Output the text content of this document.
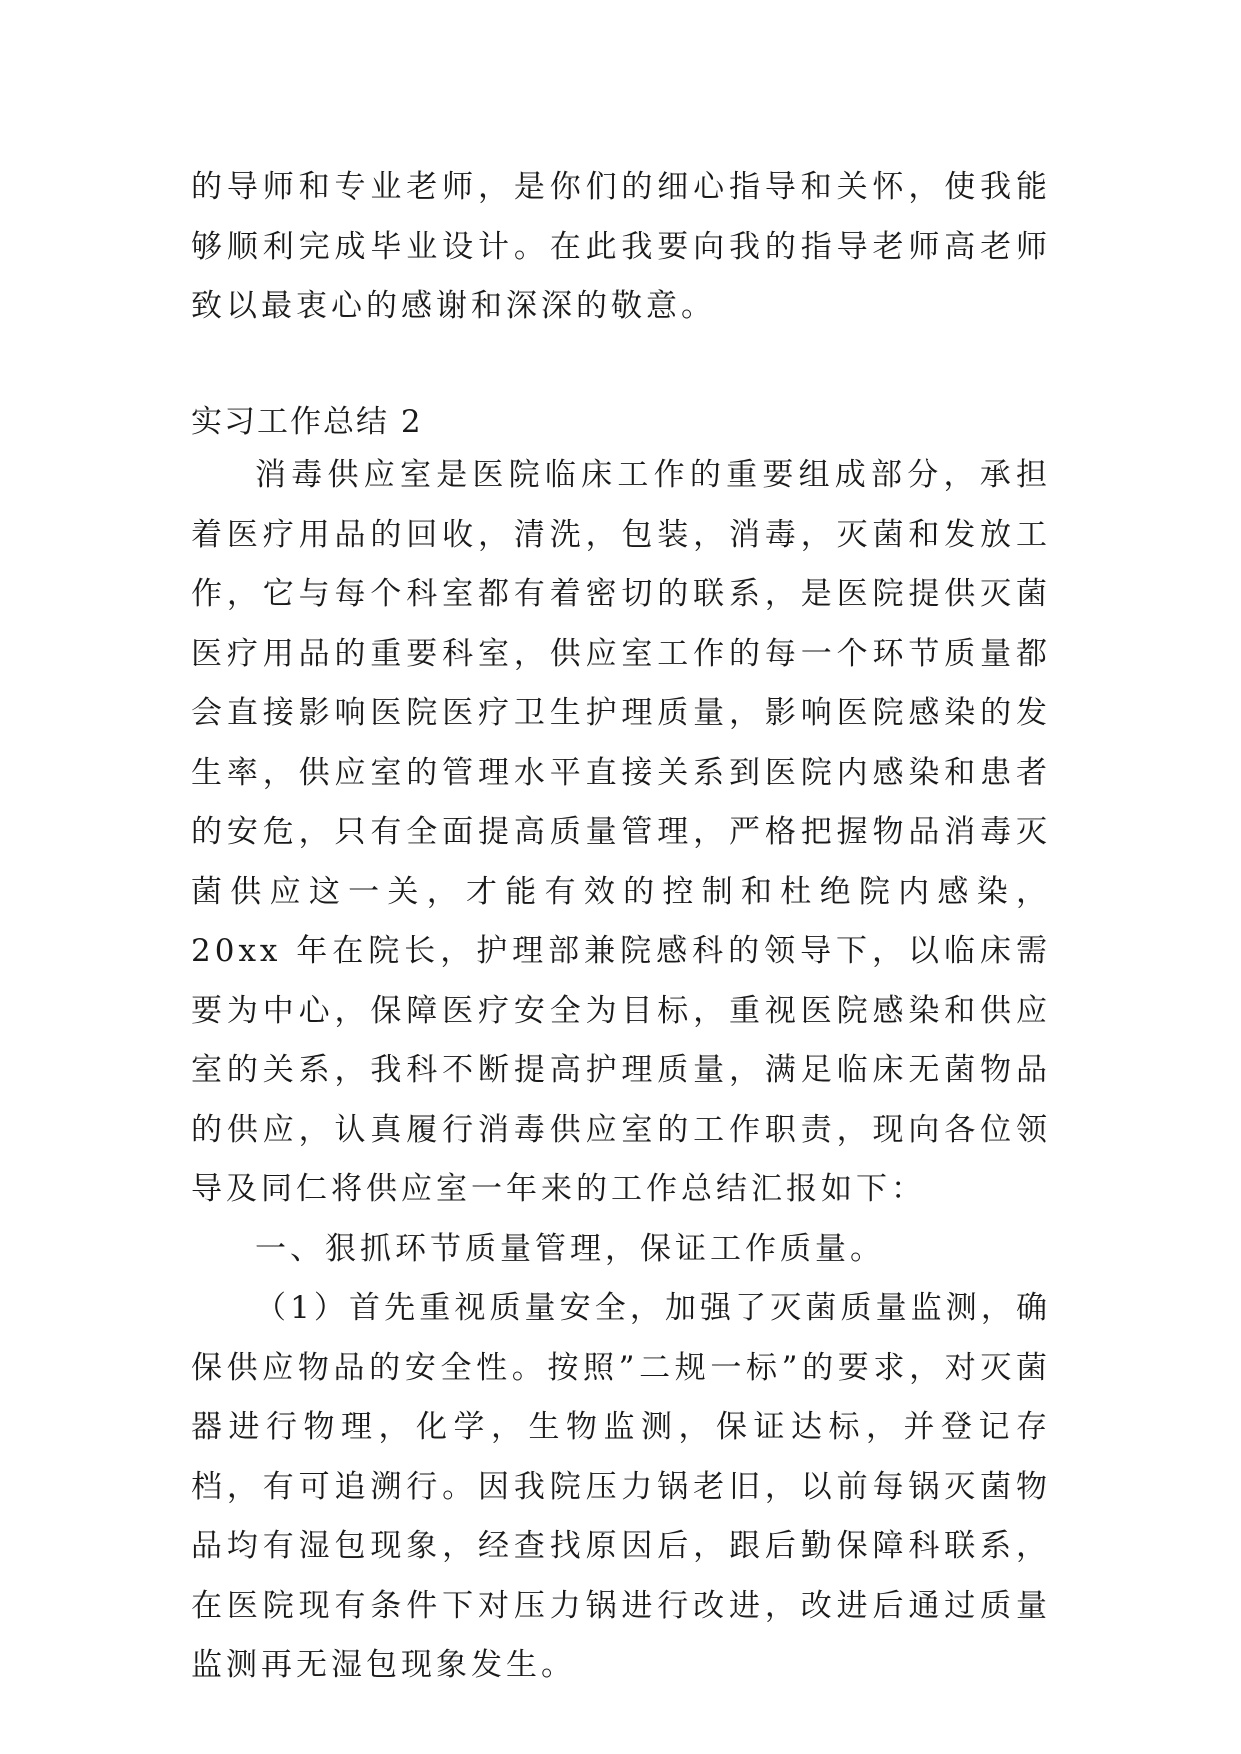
的导师和专业老师，是你们的细心指导和关怀，使我能够顺利完成毕业设计。在此我要向我的指导老师高老师致以最衷心的感谢和深深的敬意。

实习工作总结 2

消毒供应室是医院临床工作的重要组成部分，承担着医疗用品的回收，清洗，包装，消毒，灭菌和发放工作，它与每个科室都有着密切的联系，是医院提供灭菌医疗用品的重要科室，供应室工作的每一个环节质量都会直接影响医院医疗卫生护理质量，影响医院感染的发生率，供应室的管理水平直接关系到医院内感染和患者的安危，只有全面提高质量管理，严格把握物品消毒灭菌供应这一关，才能有效的控制和杜绝院内感染，20xx 年在院长，护理部兼院感科的领导下，以临床需要为中心，保障医疗安全为目标，重视医院感染和供应室的关系，我科不断提高护理质量，满足临床无菌物品的供应，认真履行消毒供应室的工作职责，现向各位领导及同仁将供应室一年来的工作总结汇报如下：

一、狠抓环节质量管理，保证工作质量。

（1）首先重视质量安全，加强了灭菌质量监测，确保供应物品的安全性。按照”二规一标”的要求，对灭菌器进行物理，化学，生物监测，保证达标，并登记存档，有可追溯行。因我院压力锅老旧，以前每锅灭菌物品均有湿包现象，经查找原因后，跟后勤保障科联系，在医院现有条件下对压力锅进行改进，改进后通过质量监测再无湿包现象发生。
